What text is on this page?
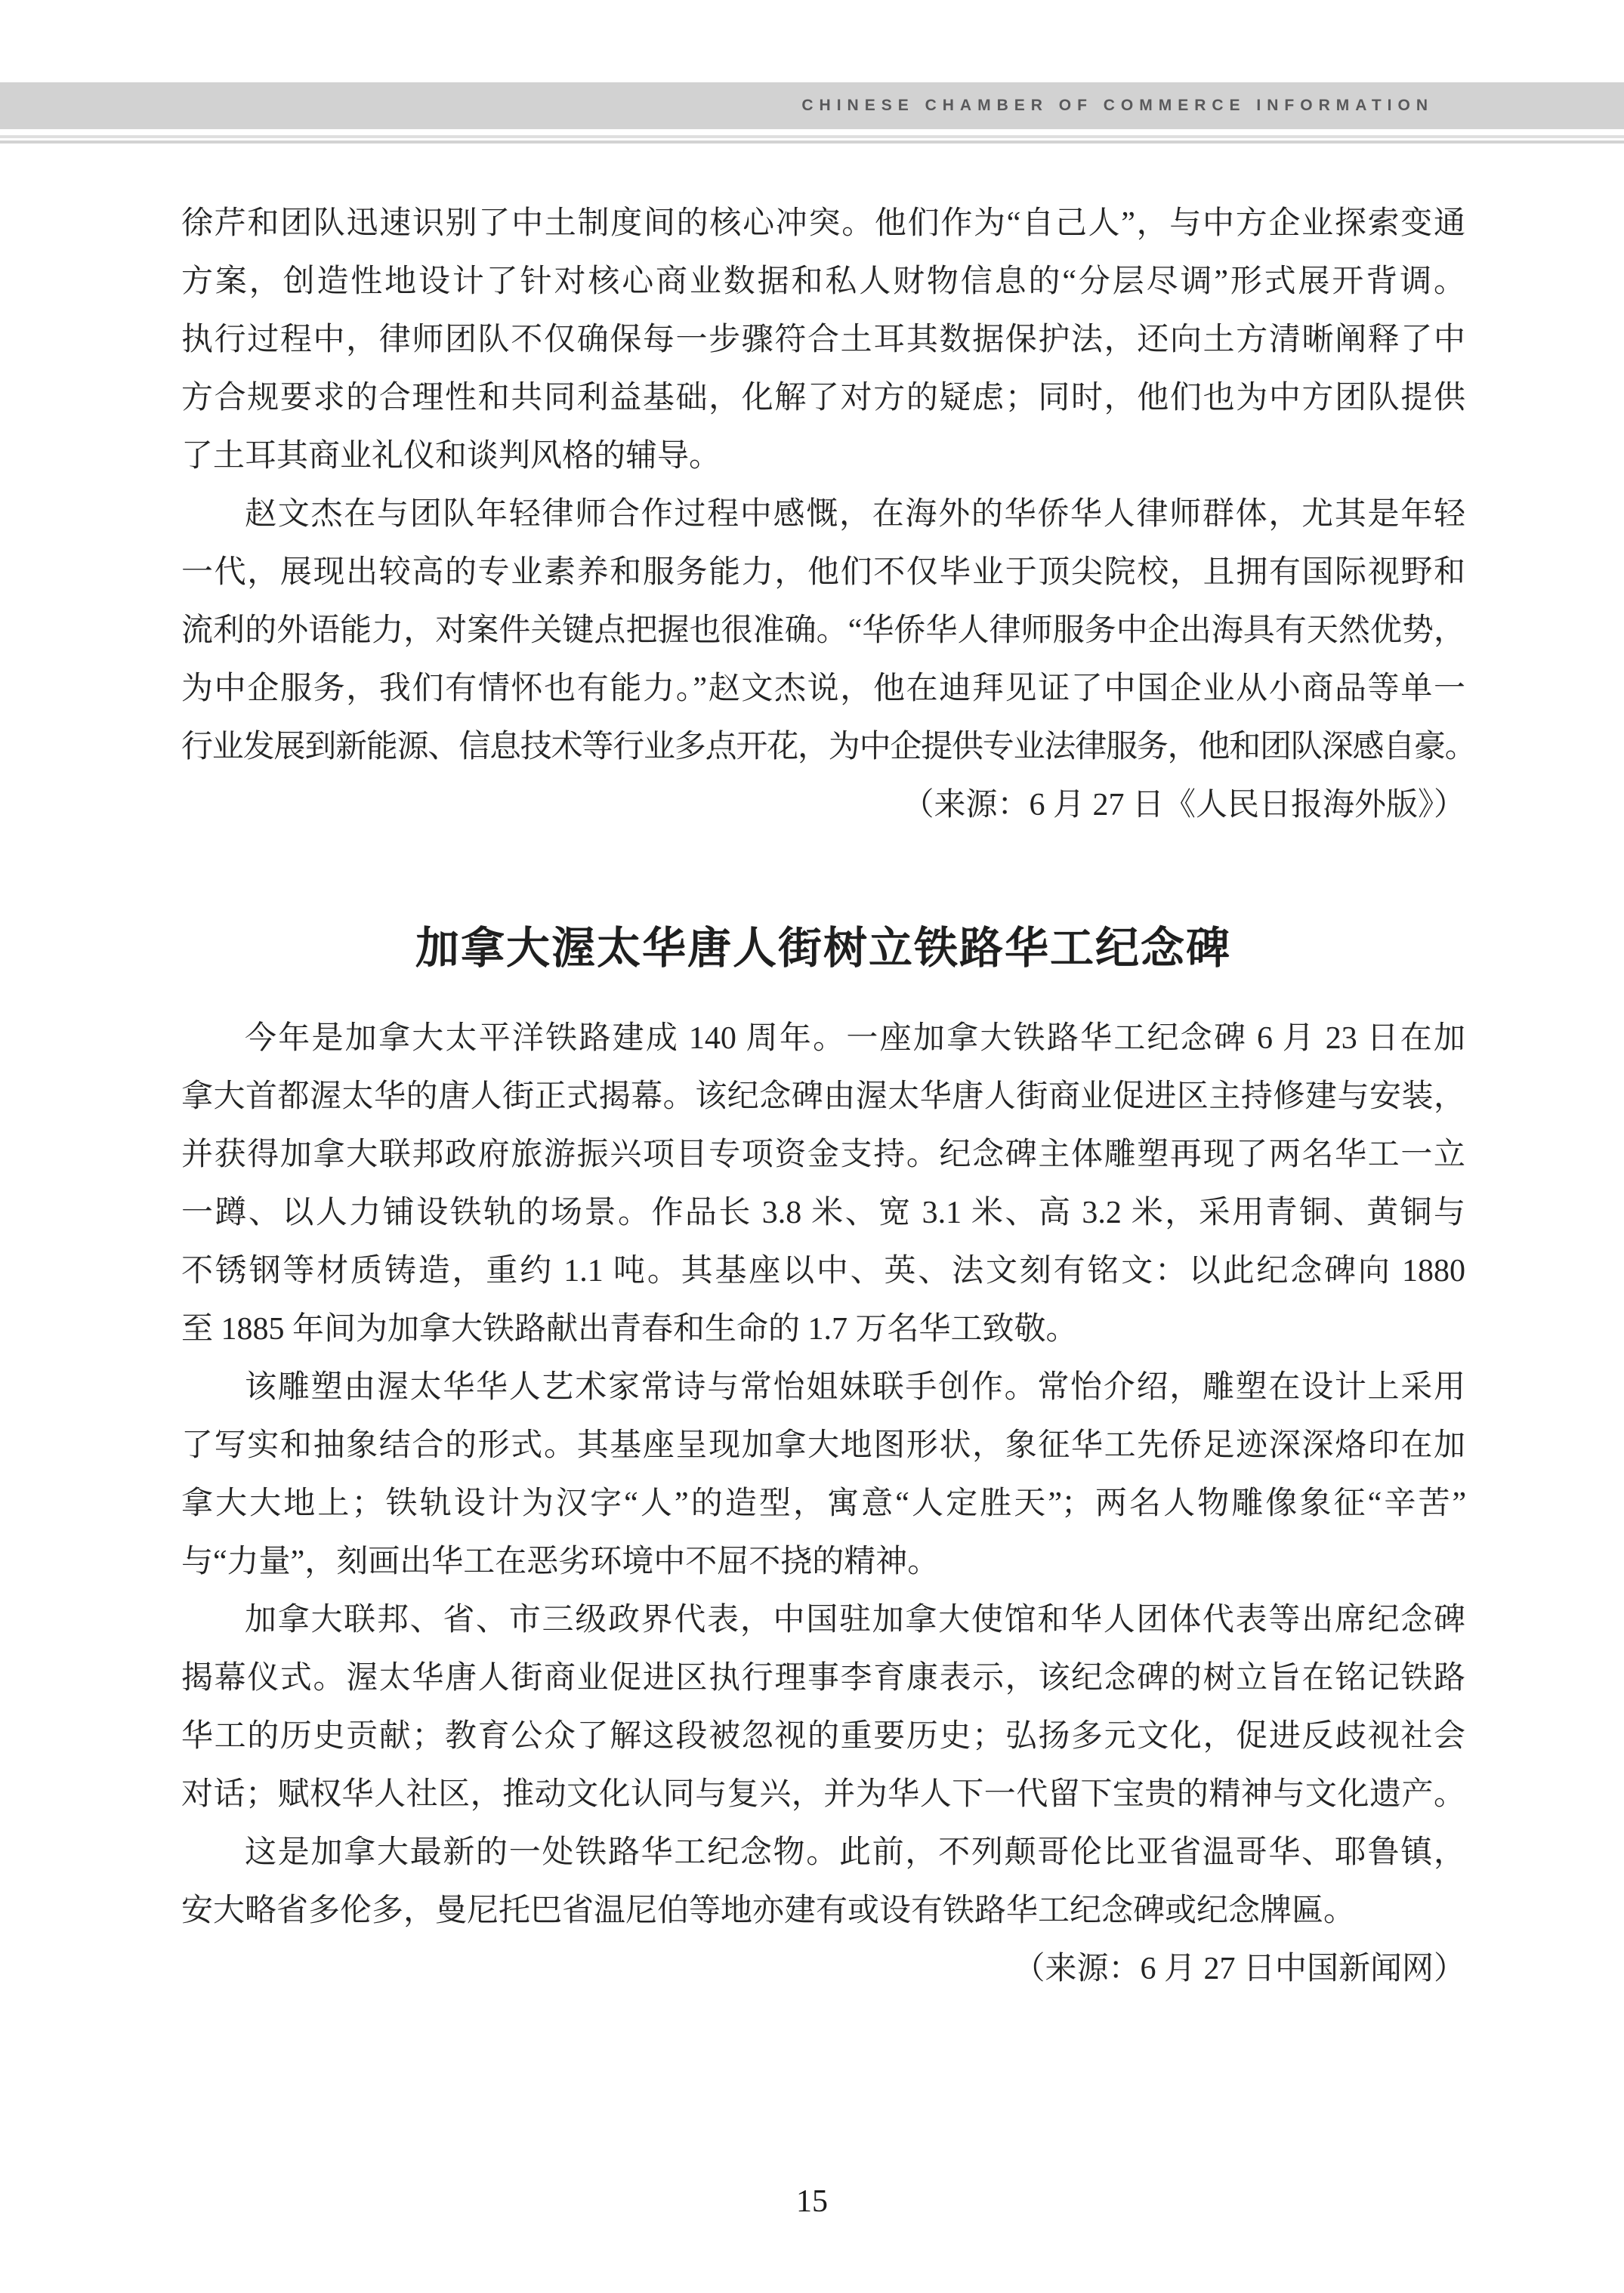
CHINESE CHAMBER OF COMMERCE INFORMATION
徐芹和团队迅速识别了中土制度间的核心冲突。他们作为“自己人”，与中方企业探索变通
方案，创造性地设计了针对核心商业数据和私人财物信息的“分层尽调”形式展开背调。
执行过程中，律师团队不仅确保每一步骤符合土耳其数据保护法，还向土方清晰阐释了中
方合规要求的合理性和共同利益基础，化解了对方的疑虑；同时，他们也为中方团队提供
了土耳其商业礼仪和谈判风格的辅导。
赵文杰在与团队年轻律师合作过程中感慨，在海外的华侨华人律师群体，尤其是年轻
一代，展现出较高的专业素养和服务能力，他们不仅毕业于顶尖院校，且拥有国际视野和
流利的外语能力，对案件关键点把握也很准确。“华侨华人律师服务中企出海具有天然优势，
为中企服务，我们有情怀也有能力。”赵文杰说，他在迪拜见证了中国企业从小商品等单一
行业发展到新能源、信息技术等行业多点开花，为中企提供专业法律服务，他和团队深感自豪。
（来源：6 月 27 日《人民日报海外版》）
加拿大渥太华唐人街树立铁路华工纪念碑
今年是加拿大太平洋铁路建成 140 周年。一座加拿大铁路华工纪念碑 6 月 23 日在加
拿大首都渥太华的唐人街正式揭幕。该纪念碑由渥太华唐人街商业促进区主持修建与安装，
并获得加拿大联邦政府旅游振兴项目专项资金支持。纪念碑主体雕塑再现了两名华工一立
一蹲、以人力铺设铁轨的场景。作品长 3.8 米、宽 3.1 米、高 3.2 米，采用青铜、黄铜与
不锈钢等材质铸造，重约 1.1 吨。其基座以中、英、法文刻有铭文：以此纪念碑向 1880
至 1885 年间为加拿大铁路献出青春和生命的 1.7 万名华工致敬。
该雕塑由渥太华华人艺术家常诗与常怡姐妹联手创作。常怡介绍，雕塑在设计上采用
了写实和抽象结合的形式。其基座呈现加拿大地图形状，象征华工先侨足迹深深烙印在加
拿大大地上；铁轨设计为汉字“人”的造型，寓意“人定胜天”；两名人物雕像象征“辛苦”
与“力量”，刻画出华工在恶劣环境中不屈不挠的精神。
加拿大联邦、省、市三级政界代表，中国驻加拿大使馆和华人团体代表等出席纪念碑
揭幕仪式。渥太华唐人街商业促进区执行理事李育康表示，该纪念碑的树立旨在铭记铁路
华工的历史贡献；教育公众了解这段被忽视的重要历史；弘扬多元文化，促进反歧视社会
对话；赋权华人社区，推动文化认同与复兴，并为华人下一代留下宝贵的精神与文化遗产。
这是加拿大最新的一处铁路华工纪念物。此前，不列颠哥伦比亚省温哥华、耶鲁镇，
安大略省多伦多，曼尼托巴省温尼伯等地亦建有或设有铁路华工纪念碑或纪念牌匾。
（来源：6 月 27 日中国新闻网）
15
